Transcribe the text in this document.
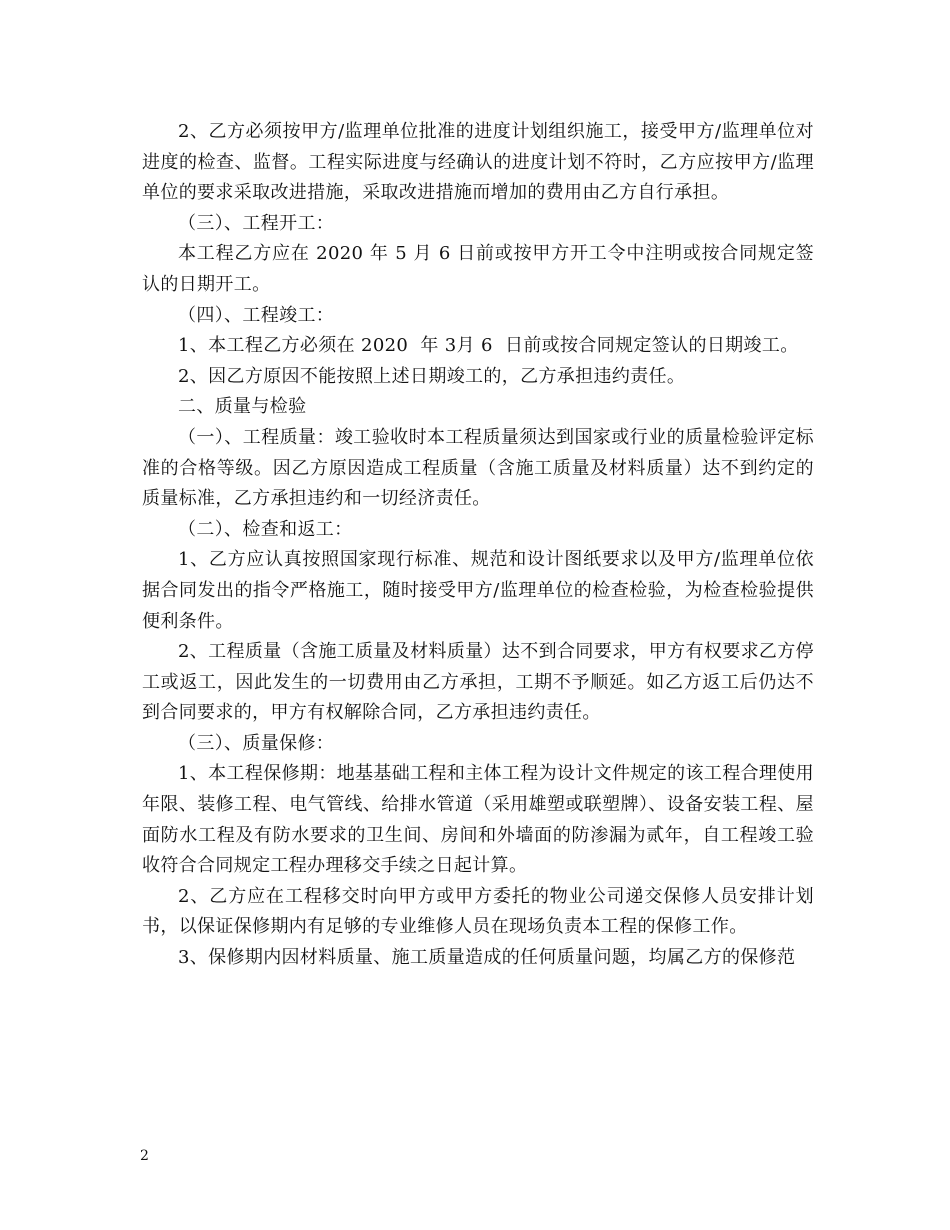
2、乙方必须按甲方/监理单位批准的进度计划组织施工，接受甲方/监理单位对进度的检查、监督。工程实际进度与经确认的进度计划不符时，乙方应按甲方/监理单位的要求采取改进措施，采取改进措施而增加的费用由乙方自行承担。

（三）、工程开工：

本工程乙方应在 2020 年 5 月 6 日前或按甲方开工令中注明或按合同规定签认的日期开工。

（四）、工程竣工：

1、本工程乙方必须在 2020  年 3月 6  日前或按合同规定签认的日期竣工。

2、因乙方原因不能按照上述日期竣工的，乙方承担违约责任。

二、质量与检验

（一）、工程质量：竣工验收时本工程质量须达到国家或行业的质量检验评定标准的合格等级。因乙方原因造成工程质量（含施工质量及材料质量）达不到约定的质量标准，乙方承担违约和一切经济责任。

（二）、检查和返工：

1、乙方应认真按照国家现行标准、规范和设计图纸要求以及甲方/监理单位依据合同发出的指令严格施工，随时接受甲方/监理单位的检查检验，为检查检验提供便利条件。

2、工程质量（含施工质量及材料质量）达不到合同要求，甲方有权要求乙方停工或返工，因此发生的一切费用由乙方承担，工期不予顺延。如乙方返工后仍达不到合同要求的，甲方有权解除合同，乙方承担违约责任。

（三）、质量保修：

1、本工程保修期：地基基础工程和主体工程为设计文件规定的该工程合理使用年限、装修工程、电气管线、给排水管道（采用雄塑或联塑牌）、设备安装工程、屋面防水工程及有防水要求的卫生间、房间和外墙面的防渗漏为贰年，自工程竣工验收符合合同规定工程办理移交手续之日起计算。

2、乙方应在工程移交时向甲方或甲方委托的物业公司递交保修人员安排计划书，以保证保修期内有足够的专业维修人员在现场负责本工程的保修工作。

3、保修期内因材料质量、施工质量造成的任何质量问题，均属乙方的保修范

2
